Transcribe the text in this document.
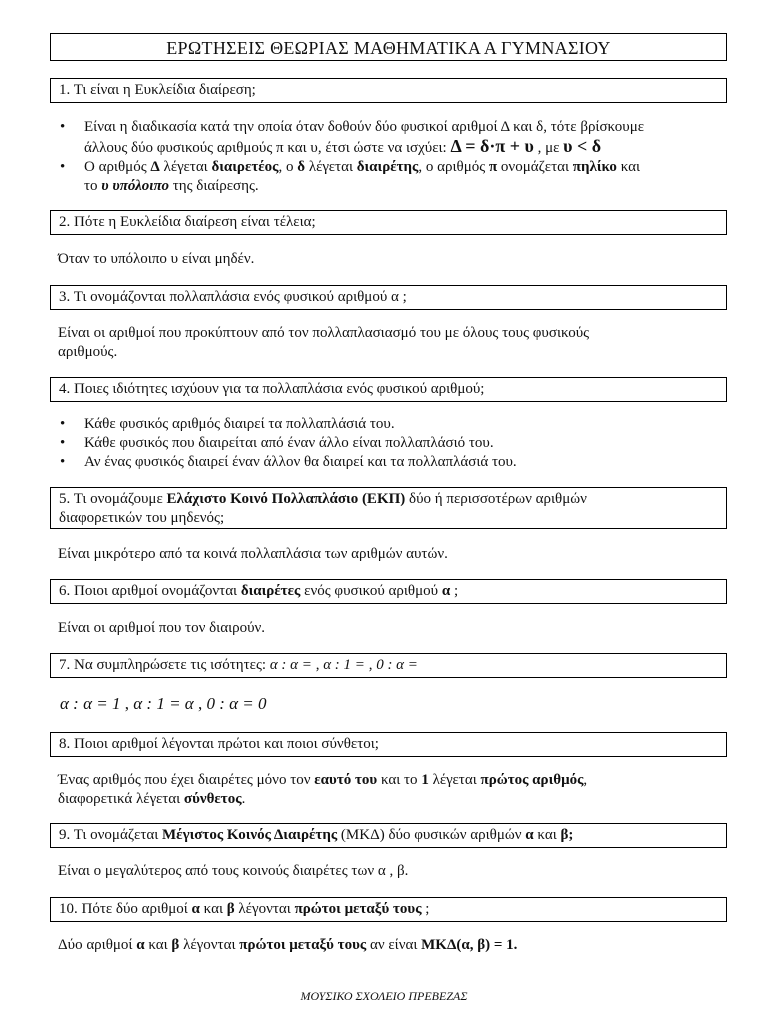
ΕΡΩΤΗΣΕΙΣ ΘΕΩΡΙΑΣ ΜΑΘΗΜΑΤΙΚΑ Α ΓΥΜΝΑΣΙΟΥ
1. Τι είναι η Ευκλείδια διαίρεση;
• Είναι η διαδικασία κατά την οποία όταν δοθούν δύο φυσικοί αριθμοί Δ και δ, τότε βρίσκουμε
άλλους δύο φυσικούς αριθμούς π και υ, έτσι ώστε να ισχύει: Δ = δ·π + υ , με υ < δ
• Ο αριθμός Δ λέγεται διαιρετέος, ο δ λέγεται διαιρέτης, ο αριθμός π ονομάζεται πηλίκο και
το υ υπόλοιπο της διαίρεσης.
2. Πότε η Ευκλείδια διαίρεση είναι τέλεια;
Όταν το υπόλοιπο υ είναι μηδέν.
3. Τι ονομάζονται πολλαπλάσια ενός φυσικού αριθμού α ;
Είναι οι αριθμοί που προκύπτουν από τον πολλαπλασιασμό του με όλους τους φυσικούς
αριθμούς.
4. Ποιες ιδιότητες ισχύουν για τα πολλαπλάσια ενός φυσικού αριθμού;
• Κάθε φυσικός αριθμός διαιρεί τα πολλαπλάσιά του.
• Κάθε φυσικός που διαιρείται από έναν άλλο είναι πολλαπλάσιό του.
• Αν ένας φυσικός διαιρεί έναν άλλον θα διαιρεί και τα πολλαπλάσιά του.
5. Τι ονομάζουμε Ελάχιστο Κοινό Πολλαπλάσιο (ΕΚΠ) δύο ή περισσοτέρων αριθμών
διαφορετικών του μηδενός;
Είναι μικρότερο από τα κοινά πολλαπλάσια των αριθμών αυτών.
6. Ποιοι αριθμοί ονομάζονται διαιρέτες ενός φυσικού αριθμού α ;
Είναι οι αριθμοί που τον διαιρούν.
7. Να συμπληρώσετε τις ισότητες: α : α = , α : 1 = , 0 : α =
α : α = 1 , α : 1 = α , 0 : α = 0
8. Ποιοι αριθμοί λέγονται πρώτοι και ποιοι σύνθετοι;
Ένας αριθμός που έχει διαιρέτες μόνο τον εαυτό του και το 1 λέγεται πρώτος αριθμός,
διαφορετικά λέγεται σύνθετος.
9. Τι ονομάζεται Μέγιστος Κοινός Διαιρέτης (ΜΚΔ) δύο φυσικών αριθμών α και β;
Είναι ο μεγαλύτερος από τους κοινούς διαιρέτες των α , β.
10. Πότε δύο αριθμοί α και β λέγονται πρώτοι μεταξύ τους ;
Δύο αριθμοί α και β λέγονται πρώτοι μεταξύ τους αν είναι ΜΚΔ(α, β) = 1.
ΜΟΥΣΙΚΟ ΣΧΟΛΕΙΟ ΠΡΕΒΕΖΑΣ
